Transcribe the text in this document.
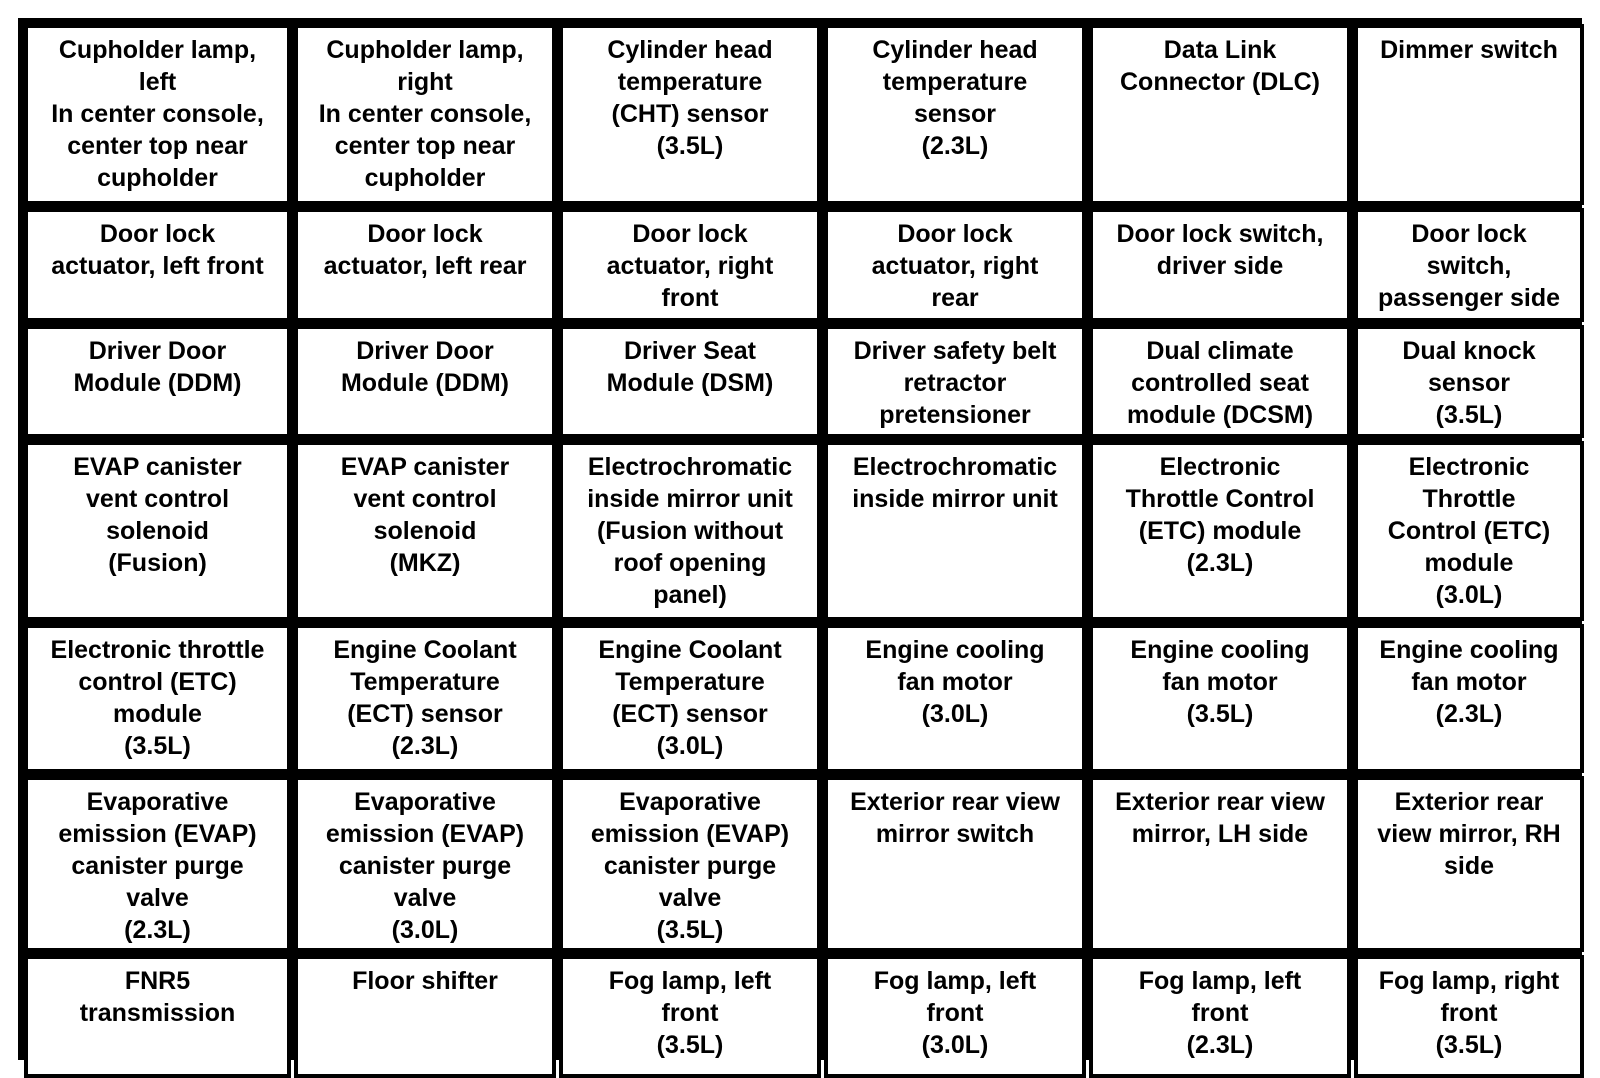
Cupholder lamp,
left
In center console,
center top near
cupholder
Cupholder lamp,
right
In center console,
center top near
cupholder
Cylinder head
temperature
(CHT) sensor
(3.5L)
Cylinder head
temperature
sensor
(2.3L)
Data Link
Connector (DLC)
Dimmer switch
Door lock
actuator, left front
Door lock
actuator, left rear
Door lock
actuator, right
front
Door lock
actuator, right
rear
Door lock switch,
driver side
Door lock
switch,
passenger side
Driver Door
Module (DDM)
Driver Door
Module (DDM)
Driver Seat
Module (DSM)
Driver safety belt
retractor
pretensioner
Dual climate
controlled seat
module (DCSM)
Dual knock
sensor
(3.5L)
EVAP canister
vent control
solenoid
(Fusion)
EVAP canister
vent control
solenoid
(MKZ)
Electrochromatic
inside mirror unit
(Fusion without
roof opening
panel)
Electrochromatic
inside mirror unit
Electronic
Throttle Control
(ETC) module
(2.3L)
Electronic
Throttle
Control (ETC)
module
(3.0L)
Electronic throttle
control (ETC)
module
(3.5L)
Engine Coolant
Temperature
(ECT) sensor
(2.3L)
Engine Coolant
Temperature
(ECT) sensor
(3.0L)
Engine cooling
fan motor
(3.0L)
Engine cooling
fan motor
(3.5L)
Engine cooling
fan motor
(2.3L)
Evaporative
emission (EVAP)
canister purge
valve
(2.3L)
Evaporative
emission (EVAP)
canister purge
valve
(3.0L)
Evaporative
emission (EVAP)
canister purge
valve
(3.5L)
Exterior rear view
mirror switch
Exterior rear view
mirror, LH side
Exterior rear
view mirror, RH
side
FNR5
transmission
Floor shifter	Fog lamp, left
front
(3.5L)
Fog lamp, left
front
(3.0L)
Fog lamp, left
front
(2.3L)
Fog lamp, right
front
(3.5L)
